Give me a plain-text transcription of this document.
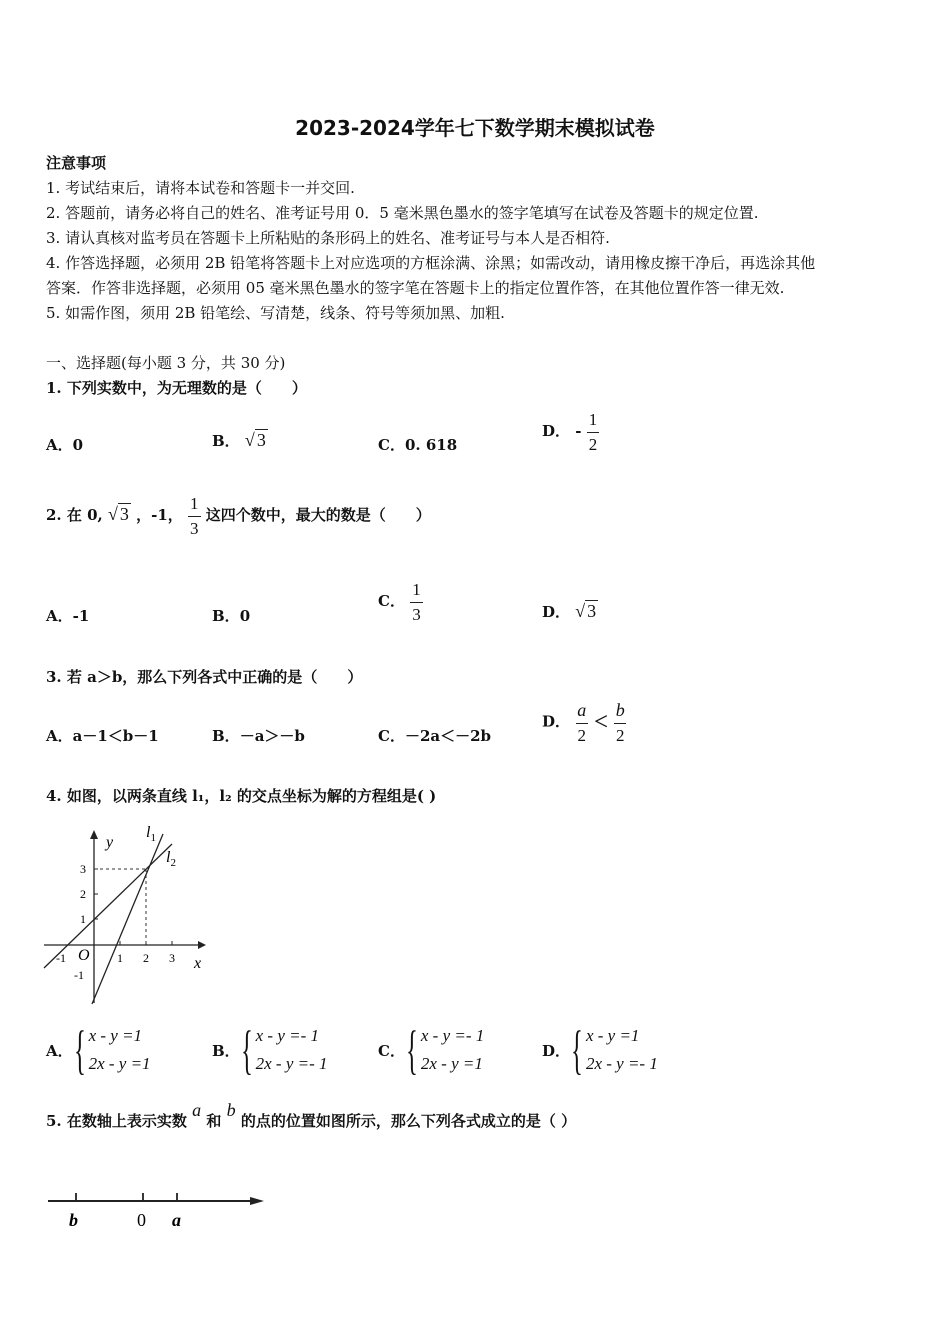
2023-2024学年七下数学期末模拟试卷
注意事项
1. 考试结束后，请将本试卷和答题卡一并交回.
2. 答题前，请务必将自己的姓名、准考证号用 0．5 毫米黑色墨水的签字笔填写在试卷及答题卡的规定位置.
3. 请认真核对监考员在答题卡上所粘贴的条形码上的姓名、准考证号与本人是否相符.
4. 作答选择题，必须用 2B 铅笔将答题卡上对应选项的方框涂满、涂黑；如需改动，请用橡皮擦干净后，再选涂其他
答案．作答非选择题，必须用 05 毫米黑色墨水的签字笔在答题卡上的指定位置作答，在其他位置作答一律无效.
5. 如需作图，须用 2B 铅笔绘、写清楚，线条、符号等须加黑、加粗.
一、选择题(每小题 3 分，共 30 分)
1. 下列实数中，为无理数的是（　　）
A．0	B． √ 3	C．0. 618
D． - $\frac{1}{2}$
2. 在 0, √ 3 ，-1， $\frac{1}{3}$ 这四个数中，最大的数是（　　）
A．-1	B．0
C． $\frac{1}{3}$	D． √ 3
3. 若 a＞b，那么下列各式中正确的是（　　）
A．a－1＜b－1	B．－a＞－b	C．－2a＜－2b
D． $\frac{a}{2} < \frac{b}{2}$
4. 如图，以两条直线 l₁，l₂ 的交点坐标为解的方程组是( )
y
x
O
$l_1$
$l_2$
-1	1 2 3
3
2
1
-1
A． { x - y =1
2x - y =1
B． { x - y =- 1
2x - y =- 1
C． { x - y =- 1
2x - y =1
D． { x - y =1
2x - y =- 1
5. 在数轴上表示实数 a 和 b 的点的位置如图所示，那么下列各式成立的是（ ）
b	0 a
